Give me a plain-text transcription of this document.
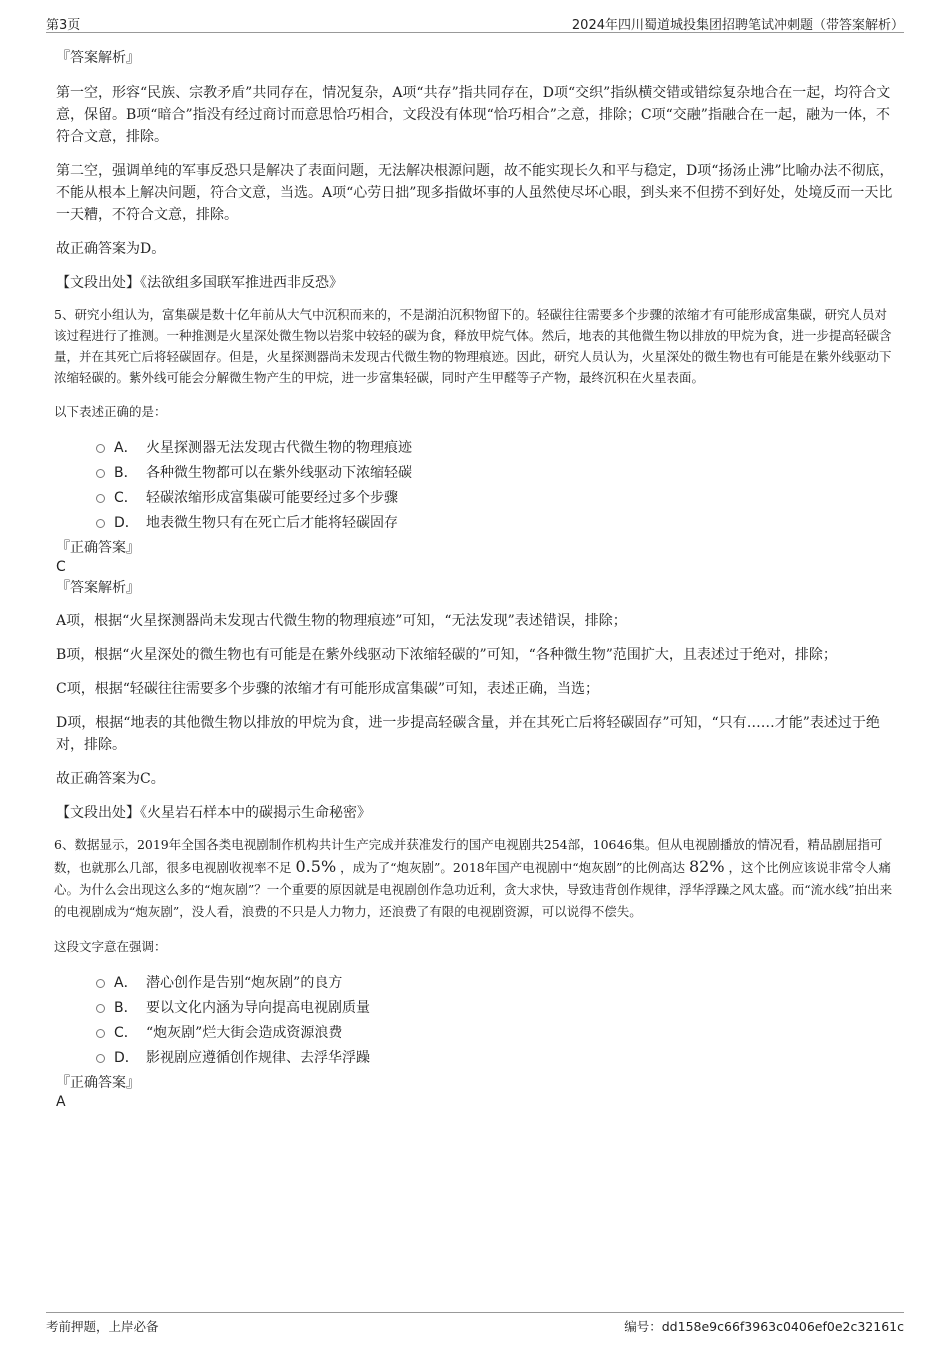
第3页	2024年四川蜀道城投集团招聘笔试冲刺题（带答案解析）
『答案解析』

第一空，形容“民族、宗教矛盾”共同存在，情况复杂，A项“共存”指共同存在，D项“交织”指纵横交错或错综复杂地合在一起，均符合文意，保留。B项“暗合”指没有经过商讨而意思恰巧相合，文段没有体现“恰巧相合”之意，排除；C项“交融”指融合在一起，融为一体，不符合文意，排除。

第二空，强调单纯的军事反恐只是解决了表面问题，无法解决根源问题，故不能实现长久和平与稳定，D项“扬汤止沸”比喻办法不彻底，不能从根本上解决问题，符合文意，当选。A项“心劳日拙”现多指做坏事的人虽然使尽坏心眼，到头来不但捞不到好处，处境反而一天比一天糟，不符合文意，排除。

故正确答案为D。

【文段出处】《法欲组多国联军推进西非反恐》

5、研究小组认为，富集碳是数十亿年前从大气中沉积而来的，不是湖泊沉积物留下的。轻碳往往需要多个步骤的浓缩才有可能形成富集碳，研究人员对该过程进行了推测。一种推测是火星深处微生物以岩浆中较轻的碳为食，释放甲烷气体。然后，地表的其他微生物以排放的甲烷为食，进一步提高轻碳含量，并在其死亡后将轻碳固存。但是，火星探测器尚未发现古代微生物的物理痕迹。因此，研究人员认为，火星深处的微生物也有可能是在紫外线驱动下浓缩轻碳的。紫外线可能会分解微生物产生的甲烷，进一步富集轻碳，同时产生甲醛等子产物，最终沉积在火星表面。

以下表述正确的是：

A． 火星探测器无法发现古代微生物的物理痕迹
B． 各种微生物都可以在紫外线驱动下浓缩轻碳
C． 轻碳浓缩形成富集碳可能要经过多个步骤
D． 地表微生物只有在死亡后才能将轻碳固存
『正确答案』
C
『答案解析』

A项，根据“火星探测器尚未发现古代微生物的物理痕迹”可知，“无法发现”表述错误，排除；

B项，根据“火星深处的微生物也有可能是在紫外线驱动下浓缩轻碳的”可知，“各种微生物”范围扩大，且表述过于绝对，排除；

C项，根据“轻碳往往需要多个步骤的浓缩才有可能形成富集碳”可知，表述正确，当选；

D项，根据“地表的其他微生物以排放的甲烷为食，进一步提高轻碳含量，并在其死亡后将轻碳固存”可知，“只有……才能”表述过于绝对，排除。

故正确答案为C。

【文段出处】《火星岩石样本中的碳揭示生命秘密》

6、数据显示，2019年全国各类电视剧制作机构共计生产完成并获准发行的国产电视剧共254部，10646集。但从电视剧播放的情况看，精品剧屈指可数，也就那么几部，很多电视剧收视率不足 0.5% ，成为了“炮灰剧”。2018年国产电视剧中“炮灰剧”的比例高达 82% ，这个比例应该说非常令人痛心。为什么会出现这么多的“炮灰剧”？一个重要的原因就是电视剧创作急功近利，贪大求快，导致违背创作规律，浮华浮躁之风太盛。而“流水线”拍出来的电视剧成为“炮灰剧”，没人看，浪费的不只是人力物力，还浪费了有限的电视剧资源，可以说得不偿失。

这段文字意在强调：

A． 潜心创作是告别“炮灰剧”的良方
B． 要以文化内涵为导向提高电视剧质量
C． “炮灰剧”烂大街会造成资源浪费
D． 影视剧应遵循创作规律、去浮华浮躁
『正确答案』
A
考前押题，上岸必备	编号：dd158e9c66f3963c0406ef0e2c32161c
